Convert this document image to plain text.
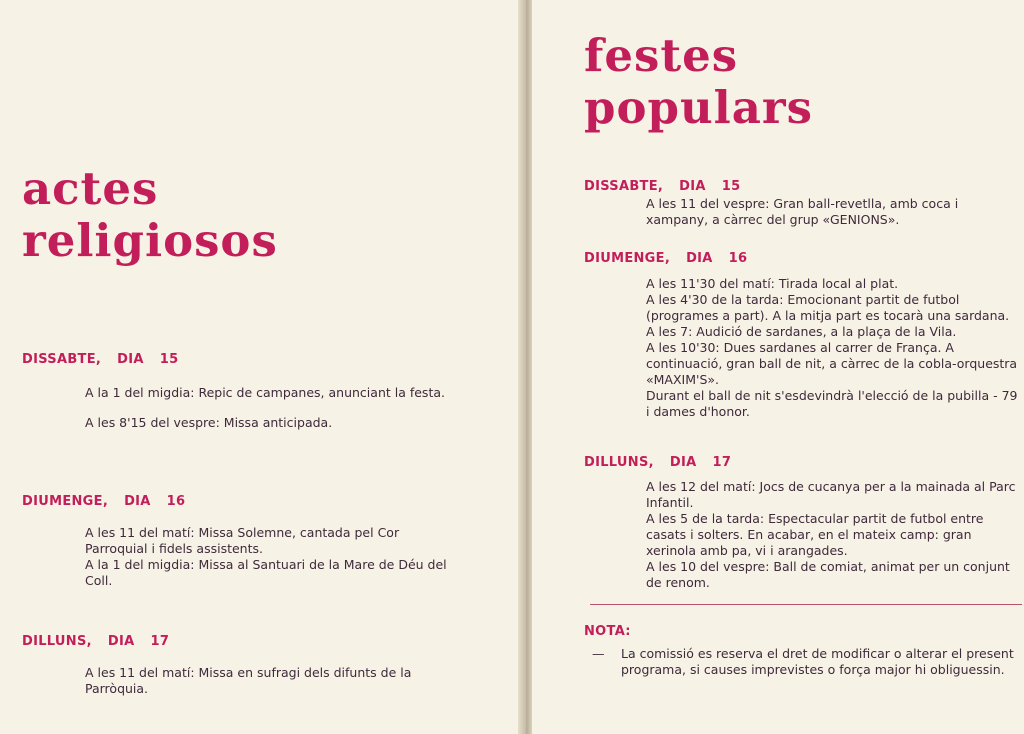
actes
religiosos
DISSABTE, DIA 15

A la 1 del migdia: Repic de campanes, anunciant la festa.

A les 8'15 del vespre: Missa anticipada.

DIUMENGE, DIA 16

A les 11 del matí: Missa Solemne, cantada pel Cor Parroquial i fidels assistents.

A la 1 del migdia: Missa al Santuari de la Mare de Déu del Coll.

DILLUNS, DIA 17

A les 11 del matí: Missa en sufragi dels difunts de la Parròquia.

festes
populars
DISSABTE, DIA 15

A les 11 del vespre: Gran ball-revetlla, amb coca i xampany, a càrrec del grup «GENIONS».

DIUMENGE, DIA 16

A les 11'30 del matí: Tirada local al plat.

A les 4'30 de la tarda: Emocionant partit de futbol (programes a part). A la mitja part es tocarà una sardana.

A les 7: Audició de sardanes, a la plaça de la Vila.

A les 10'30: Dues sardanes al carrer de França. A continuació, gran ball de nit, a càrrec de la cobla-orquestra «MAXIM'S».

Durant el ball de nit s'esdevindrà l'elecció de la pubilla - 79 i dames d'honor.

DILLUNS, DIA 17

A les 12 del matí: Jocs de cucanya per a la mainada al Parc Infantil.

A les 5 de la tarda: Espectacular partit de futbol entre casats i solters. En acabar, en el mateix camp: gran xerinola amb pa, vi i arangades.

A les 10 del vespre: Ball de comiat, animat per un conjunt de renom.

NOTA:
— La comissió es reserva el dret de modificar o alterar el present programa, si causes imprevistes o força major hi obliguessin.
